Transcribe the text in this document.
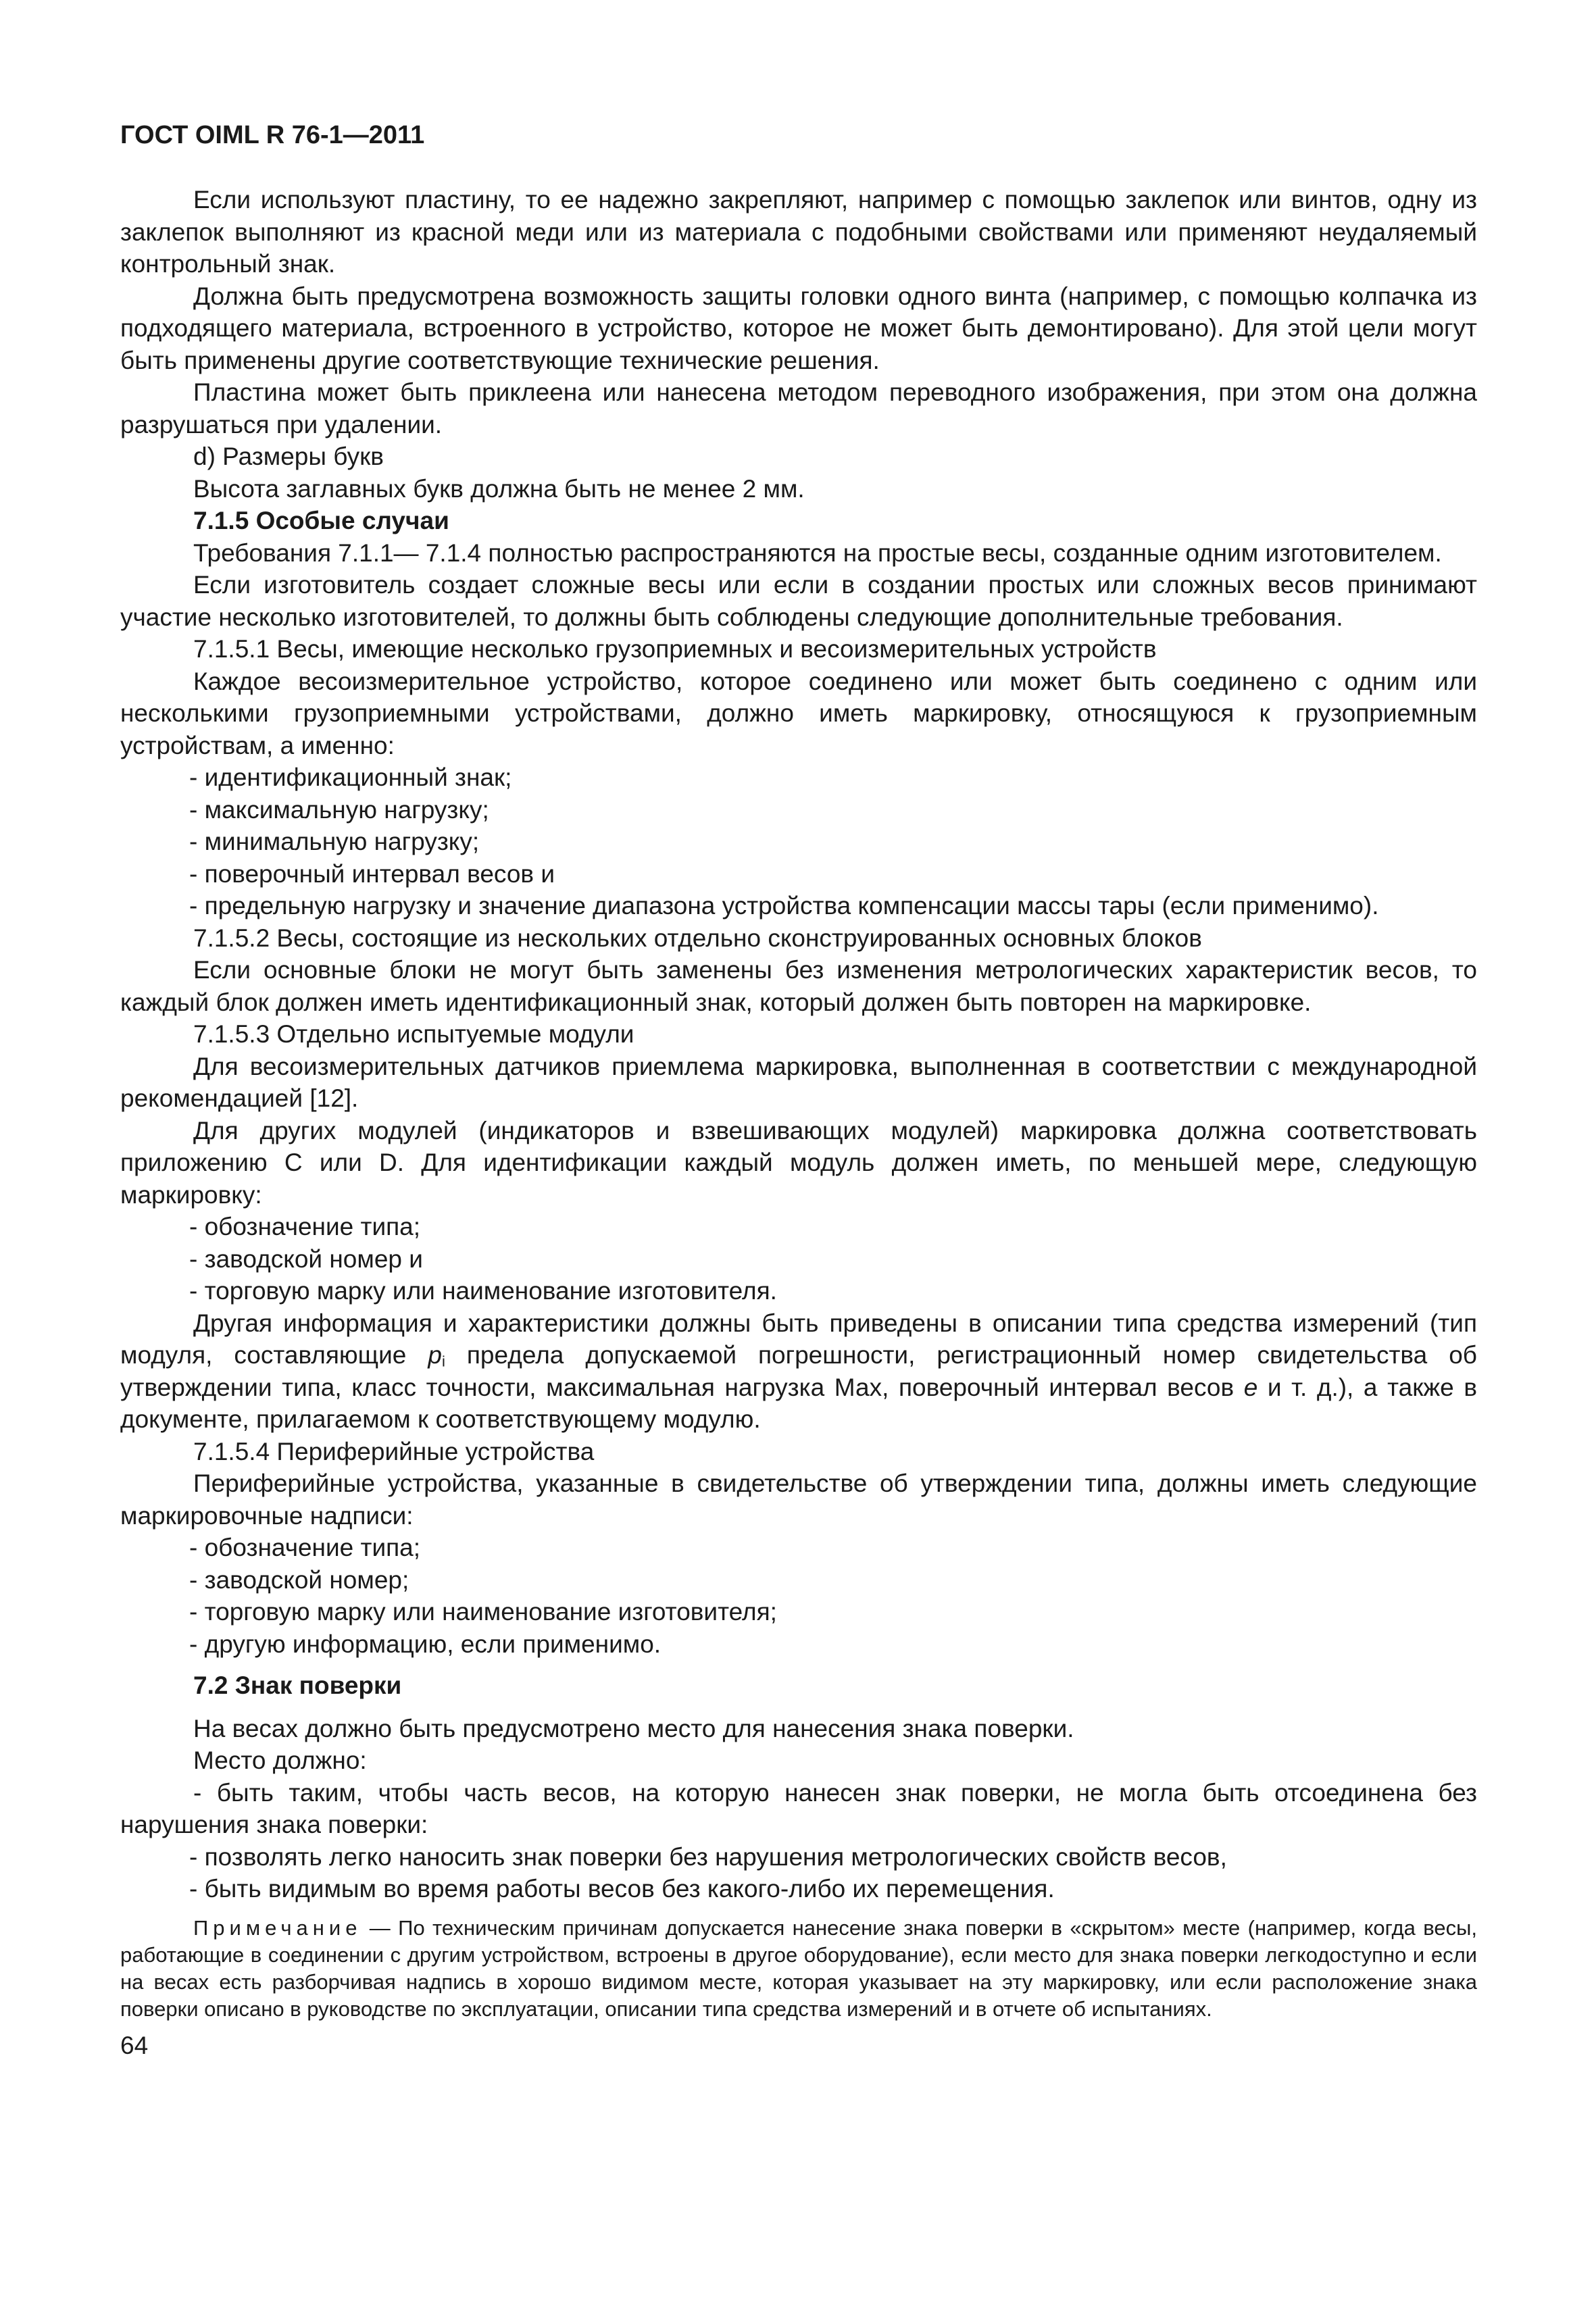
ГОСТ OIML R 76-1—2011

Если используют пластину, то ее надежно закрепляют, например с помощью заклепок или винтов, одну из заклепок выполняют из красной меди или из материала с подобными свойствами или применяют неудаляемый контрольный знак.

Должна быть предусмотрена возможность защиты головки одного винта (например, с помощью колпачка из подходящего материала, встроенного в устройство, которое не может быть демонтировано). Для этой цели могут быть применены другие соответствующие технические решения.

Пластина может быть приклеена или нанесена методом переводного изображения, при этом она должна разрушаться при удалении.

d) Размеры букв

Высота заглавных букв должна быть не менее 2 мм.

7.1.5 Особые случаи

Требования 7.1.1— 7.1.4 полностью распространяются на простые весы, созданные одним изготовителем.

Если изготовитель создает сложные весы или если в создании простых или сложных весов принимают участие несколько изготовителей, то должны быть соблюдены следующие дополнительные требования.

7.1.5.1 Весы, имеющие несколько грузоприемных и весоизмерительных устройств

Каждое весоизмерительное устройство, которое соединено или может быть соединено с одним или несколькими грузоприемными устройствами, должно иметь маркировку, относящуюся к грузоприемным устройствам, а именно:

- идентификационный знак;

- максимальную нагрузку;

- минимальную нагрузку;

- поверочный интервал весов и

- предельную нагрузку и значение диапазона устройства компенсации массы тары (если применимо).

7.1.5.2 Весы, состоящие из нескольких отдельно сконструированных основных блоков

Если основные блоки не могут быть заменены без изменения метрологических характеристик весов, то каждый блок должен иметь идентификационный знак, который должен быть повторен на маркировке.

7.1.5.3 Отдельно испытуемые модули

Для весоизмерительных датчиков приемлема маркировка, выполненная в соответствии с международной рекомендацией [12].

Для других модулей (индикаторов и взвешивающих модулей) маркировка должна соответствовать приложению С или D. Для идентификации каждый модуль должен иметь, по меньшей мере, следующую маркировку:

- обозначение типа;

- заводской номер и

- торговую марку или наименование изготовителя.

Другая информация и характеристики должны быть приведены в описании типа средства измерений (тип модуля, составляющие $p_i$ предела допускаемой погрешности, регистрационный номер свидетельства об утверждении типа, класс точности, максимальная нагрузка Мах, поверочный интервал весов е и т. д.), а также в документе, прилагаемом к соответствующему модулю.

7.1.5.4 Периферийные устройства

Периферийные устройства, указанные в свидетельстве об утверждении типа, должны иметь следующие маркировочные надписи:

- обозначение типа;

- заводской номер;

- торговую марку или наименование изготовителя;

- другую информацию, если применимо.

7.2 Знак поверки

На весах должно быть предусмотрено место для нанесения знака поверки.

Место должно:

- быть таким, чтобы часть весов, на которую нанесен знак поверки, не могла быть отсоединена без нарушения знака поверки:

- позволять легко наносить знак поверки без нарушения метрологических свойств весов,

- быть видимым во время работы весов без какого-либо их перемещения.

Примечание — По техническим причинам допускается нанесение знака поверки в «скрытом» месте (например, когда весы, работающие в соединении с другим устройством, встроены в другое оборудование), если место для знака поверки легкодоступно и если на весах есть разборчивая надпись в хорошо видимом месте, которая указывает на эту маркировку, или если расположение знака поверки описано в руководстве по эксплуатации, описании типа средства измерений и в отчете об испытаниях.

64
